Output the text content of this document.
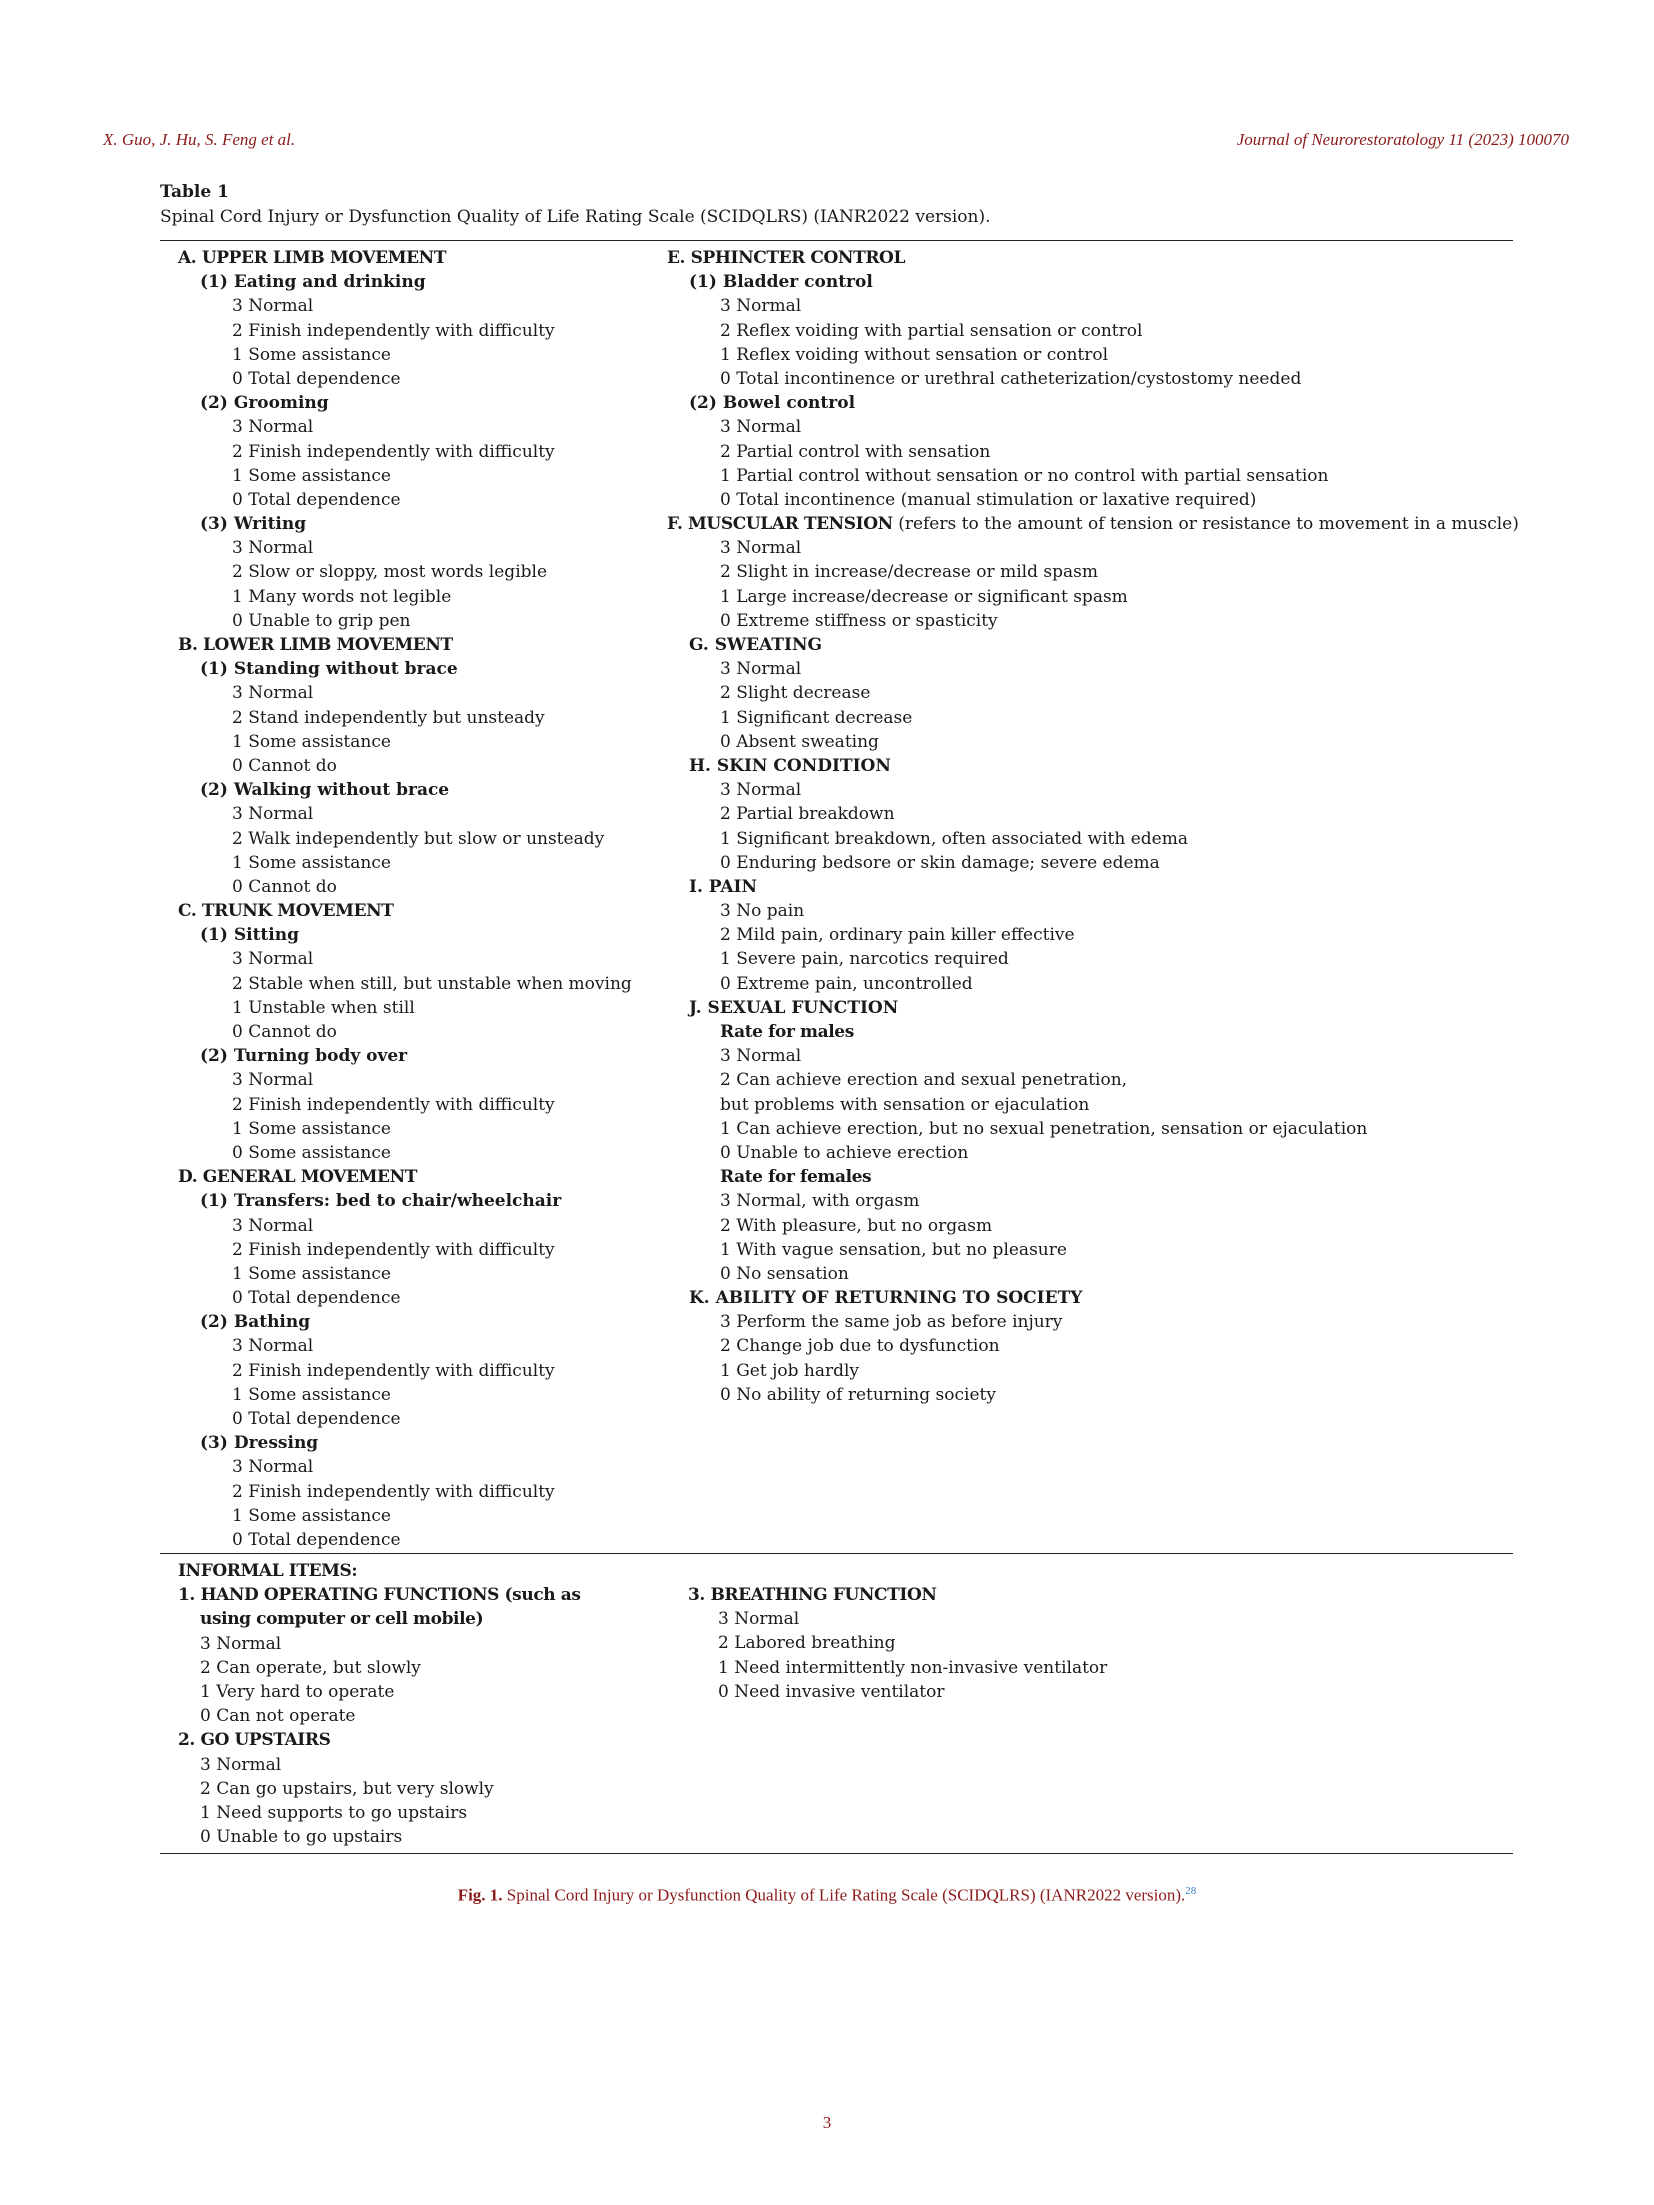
X. Guo, J. Hu, S. Feng et al.	Journal of Neurorestoratology 11 (2023) 100070
Table 1
Spinal Cord Injury or Dysfunction Quality of Life Rating Scale (SCIDQLRS) (IANR2022 version).
A. UPPER LIMB MOVEMENT
(1) Eating and drinking
3 Normal
2 Finish independently with difficulty
1 Some assistance
0 Total dependence
(2) Grooming
3 Normal
2 Finish independently with difficulty
1 Some assistance
0 Total dependence
(3) Writing
3 Normal
2 Slow or sloppy, most words legible
1 Many words not legible
0 Unable to grip pen
B. LOWER LIMB MOVEMENT
(1) Standing without brace
3 Normal
2 Stand independently but unsteady
1 Some assistance
0 Cannot do
(2) Walking without brace
3 Normal
2 Walk independently but slow or unsteady
1 Some assistance
0 Cannot do
C. TRUNK MOVEMENT
(1) Sitting
3 Normal
2 Stable when still, but unstable when moving
1 Unstable when still
0 Cannot do
(2) Turning body over
3 Normal
2 Finish independently with difficulty
1 Some assistance
0 Some assistance
D. GENERAL MOVEMENT
(1) Transfers: bed to chair/wheelchair
3 Normal
2 Finish independently with difficulty
1 Some assistance
0 Total dependence
(2) Bathing
3 Normal
2 Finish independently with difficulty
1 Some assistance
0 Total dependence
(3) Dressing
3 Normal
2 Finish independently with difficulty
1 Some assistance
0 Total dependence
E. SPHINCTER CONTROL
(1) Bladder control
3 Normal
2 Reflex voiding with partial sensation or control
1 Reflex voiding without sensation or control
0 Total incontinence or urethral catheterization/cystostomy needed
(2) Bowel control
3 Normal
2 Partial control with sensation
1 Partial control without sensation or no control with partial sensation
0 Total incontinence (manual stimulation or laxative required)
F. MUSCULAR TENSION (refers to the amount of tension or resistance to movement in a muscle)
3 Normal
2 Slight in increase/decrease or mild spasm
1 Large increase/decrease or significant spasm
0 Extreme stiffness or spasticity
G. SWEATING
3 Normal
2 Slight decrease
1 Significant decrease
0 Absent sweating
H. SKIN CONDITION
3 Normal
2 Partial breakdown
1 Significant breakdown, often associated with edema
0 Enduring bedsore or skin damage; severe edema
I. PAIN
3 No pain
2 Mild pain, ordinary pain killer effective
1 Severe pain, narcotics required
0 Extreme pain, uncontrolled
J. SEXUAL FUNCTION
Rate for males
3 Normal
2 Can achieve erection and sexual penetration,
but problems with sensation or ejaculation
1 Can achieve erection, but no sexual penetration, sensation or ejaculation
0 Unable to achieve erection
Rate for females
3 Normal, with orgasm
2 With pleasure, but no orgasm
1 With vague sensation, but no pleasure
0 No sensation
K. ABILITY OF RETURNING TO SOCIETY
3 Perform the same job as before injury
2 Change job due to dysfunction
1 Get job hardly
0 No ability of returning society
INFORMAL ITEMS:
1. HAND OPERATING FUNCTIONS (such as
using computer or cell mobile)
3 Normal
2 Can operate, but slowly
1 Very hard to operate
0 Can not operate
2. GO UPSTAIRS
3 Normal
2 Can go upstairs, but very slowly
1 Need supports to go upstairs
0 Unable to go upstairs
3. BREATHING FUNCTION
3 Normal
2 Labored breathing
1 Need intermittently non-invasive ventilator
0 Need invasive ventilator
Fig. 1. Spinal Cord Injury or Dysfunction Quality of Life Rating Scale (SCIDQLRS) (IANR2022 version).$^{28}$
3
